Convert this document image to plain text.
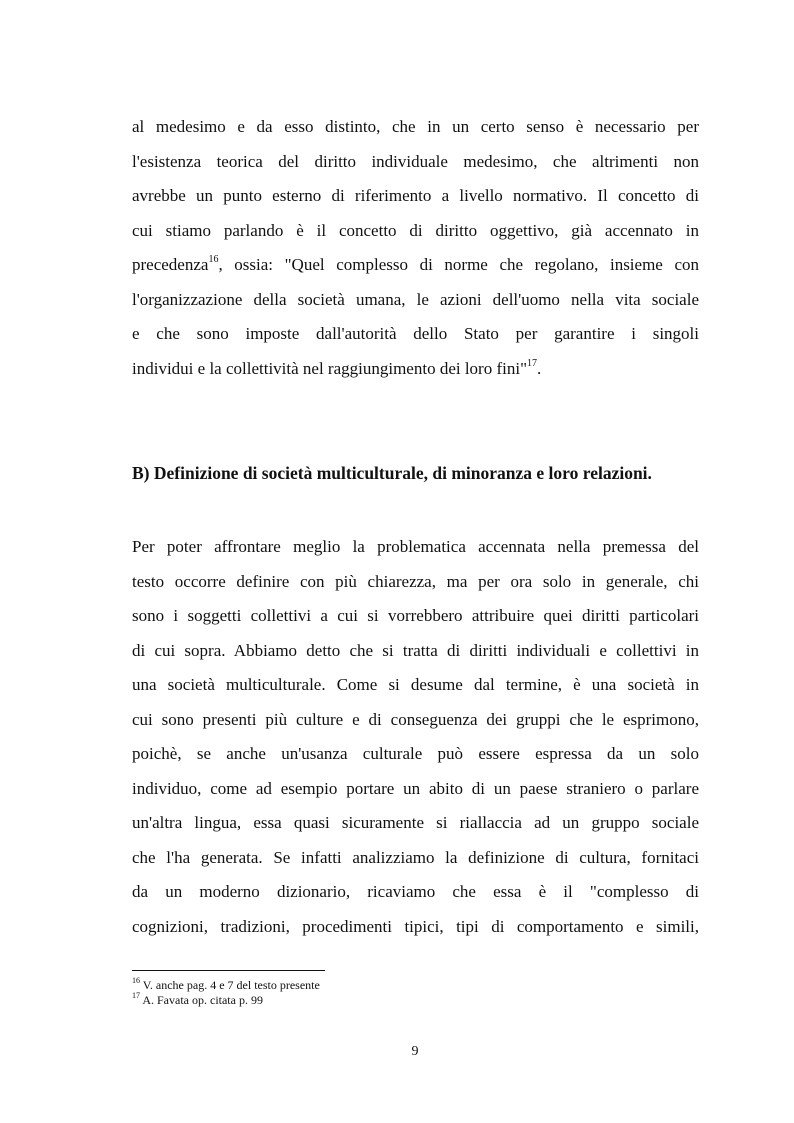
al medesimo e da esso distinto, che in un certo senso è necessario per
l'esistenza teorica del diritto individuale medesimo, che altrimenti non
avrebbe un punto esterno di riferimento a livello normativo. Il concetto di
cui stiamo parlando è il concetto di diritto oggettivo, già accennato in
precedenza$^{16}$, ossia: "Quel complesso di norme che regolano, insieme con
l'organizzazione della società umana, le azioni dell'uomo nella vita sociale
e che sono imposte dall'autorità dello Stato per garantire i singoli
individui e la collettività nel raggiungimento dei loro fini"$^{17}$.
B) Definizione di società multiculturale, di minoranza e loro relazioni.
Per poter affrontare meglio la problematica accennata nella premessa del
testo occorre definire con più chiarezza, ma per ora solo in generale, chi
sono i soggetti collettivi a cui si vorrebbero attribuire quei diritti particolari
di cui sopra. Abbiamo detto che si tratta di diritti individuali e collettivi in
una società multiculturale. Come si desume dal termine, è una società in
cui sono presenti più culture e di conseguenza dei gruppi che le esprimono,
poichè, se anche un'usanza culturale può essere espressa da un solo
individuo, come ad esempio portare un abito di un paese straniero o parlare
un'altra lingua, essa quasi sicuramente si riallaccia ad un gruppo sociale
che l'ha generata. Se infatti analizziamo la definizione di cultura, fornitaci
da un moderno dizionario, ricaviamo che essa è il "complesso di
cognizioni, tradizioni, procedimenti tipici, tipi di comportamento e simili,
$^{16}$ V. anche pag. 4 e 7 del testo presente
$^{17}$ A. Favata op. citata p. 99
9
